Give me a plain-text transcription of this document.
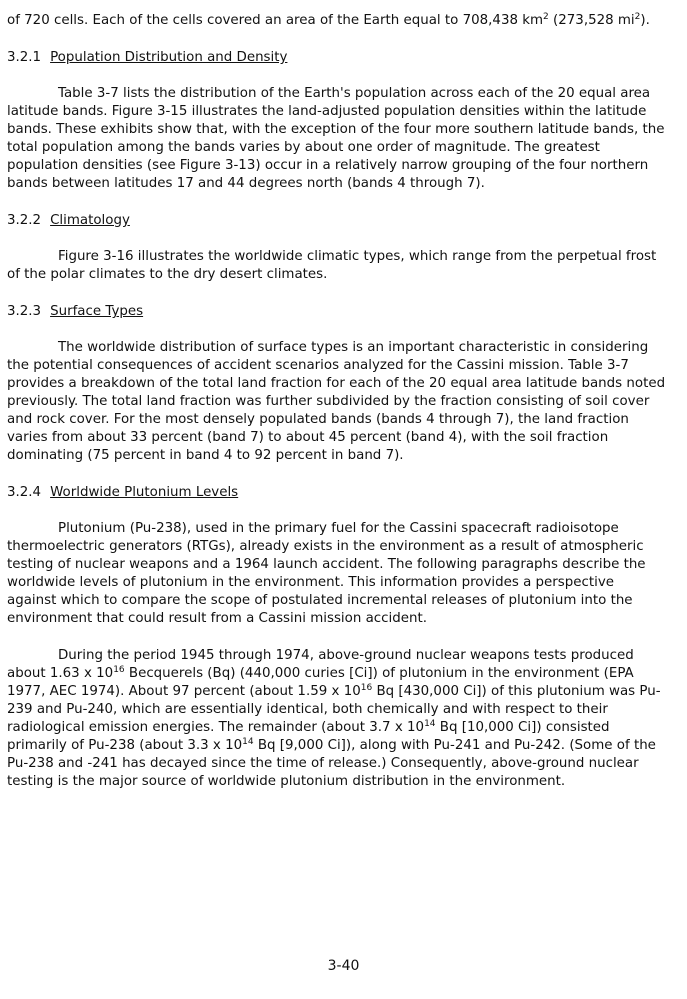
of 720 cells. Each of the cells covered an area of the Earth equal to 708,438 $km^2$ (273,528 $mi^2$).

3.2.1 Population Distribution and Density

Table 3-7 lists the distribution of the Earth's population across each of the 20 equal area latitude bands. Figure 3-15 illustrates the land-adjusted population densities within the latitude bands. These exhibits show that, with the exception of the four more southern latitude bands, the total population among the bands varies by about one order of magnitude. The greatest population densities (see Figure 3-13) occur in a relatively narrow grouping of the four northern bands between latitudes 17 and 44 degrees north (bands 4 through 7).

3.2.2 Climatology

Figure 3-16 illustrates the worldwide climatic types, which range from the perpetual frost of the polar climates to the dry desert climates.

3.2.3 Surface Types

The worldwide distribution of surface types is an important characteristic in considering the potential consequences of accident scenarios analyzed for the Cassini mission. Table 3-7 provides a breakdown of the total land fraction for each of the 20 equal area latitude bands noted previously. The total land fraction was further subdivided by the fraction consisting of soil cover and rock cover. For the most densely populated bands (bands 4 through 7), the land fraction varies from about 33 percent (band 7) to about 45 percent (band 4), with the soil fraction dominating (75 percent in band 4 to 92 percent in band 7).

3.2.4 Worldwide Plutonium Levels

Plutonium (Pu-238), used in the primary fuel for the Cassini spacecraft radioisotope thermoelectric generators (RTGs), already exists in the environment as a result of atmospheric testing of nuclear weapons and a 1964 launch accident. The following paragraphs describe the worldwide levels of plutonium in the environment. This information provides a perspective against which to compare the scope of postulated incremental releases of plutonium into the environment that could result from a Cassini mission accident.

During the period 1945 through 1974, above-ground nuclear weapons tests produced about 1.63 x $10^{16}$ Becquerels (Bq) (440,000 curies [Ci]) of plutonium in the environment (EPA 1977, AEC 1974). About 97 percent (about 1.59 x $10^{16}$ Bq [430,000 Ci]) of this plutonium was Pu-239 and Pu-240, which are essentially identical, both chemically and with respect to their radiological emission energies. The remainder (about 3.7 x $10^{14}$ Bq [10,000 Ci]) consisted primarily of Pu-238 (about 3.3 x $10^{14}$ Bq [9,000 Ci]), along with Pu-241 and Pu-242. (Some of the Pu-238 and -241 has decayed since the time of release.) Consequently, above-ground nuclear testing is the major source of worldwide plutonium distribution in the environment.

3-40
